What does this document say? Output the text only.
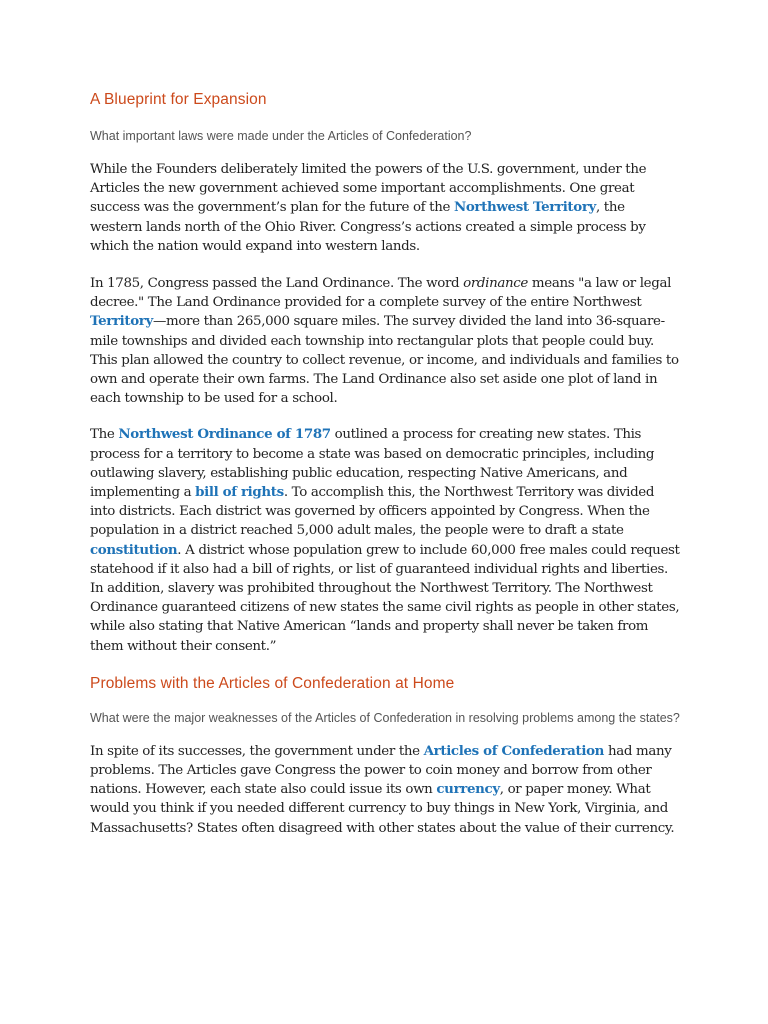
A Blueprint for Expansion

What important laws were made under the Articles of Confederation?

While the Founders deliberately limited the powers of the U.S. government, under the Articles the new government achieved some important accomplishments. One great success was the government’s plan for the future of the Northwest Territory, the western lands north of the Ohio River. Congress’s actions created a simple process by which the nation would expand into western lands.

In 1785, Congress passed the Land Ordinance. The word ordinance means "a law or legal decree." The Land Ordinance provided for a complete survey of the entire Northwest Territory—more than 265,000 square miles. The survey divided the land into 36-square-mile townships and divided each township into rectangular plots that people could buy. This plan allowed the country to collect revenue, or income, and individuals and families to own and operate their own farms. The Land Ordinance also set aside one plot of land in each township to be used for a school.

The Northwest Ordinance of 1787 outlined a process for creating new states. This process for a territory to become a state was based on democratic principles, including outlawing slavery, establishing public education, respecting Native Americans, and implementing a bill of rights. To accomplish this, the Northwest Territory was divided into districts. Each district was governed by officers appointed by Congress. When the population in a district reached 5,000 adult males, the people were to draft a state constitution. A district whose population grew to include 60,000 free males could request statehood if it also had a bill of rights, or list of guaranteed individual rights and liberties. In addition, slavery was prohibited throughout the Northwest Territory. The Northwest Ordinance guaranteed citizens of new states the same civil rights as people in other states, while also stating that Native American “lands and property shall never be taken from them without their consent.”

Problems with the Articles of Confederation at Home

What were the major weaknesses of the Articles of Confederation in resolving problems among the states?

In spite of its successes, the government under the Articles of Confederation had many problems. The Articles gave Congress the power to coin money and borrow from other nations. However, each state also could issue its own currency, or paper money. What would you think if you needed different currency to buy things in New York, Virginia, and Massachusetts? States often disagreed with other states about the value of their currency.
